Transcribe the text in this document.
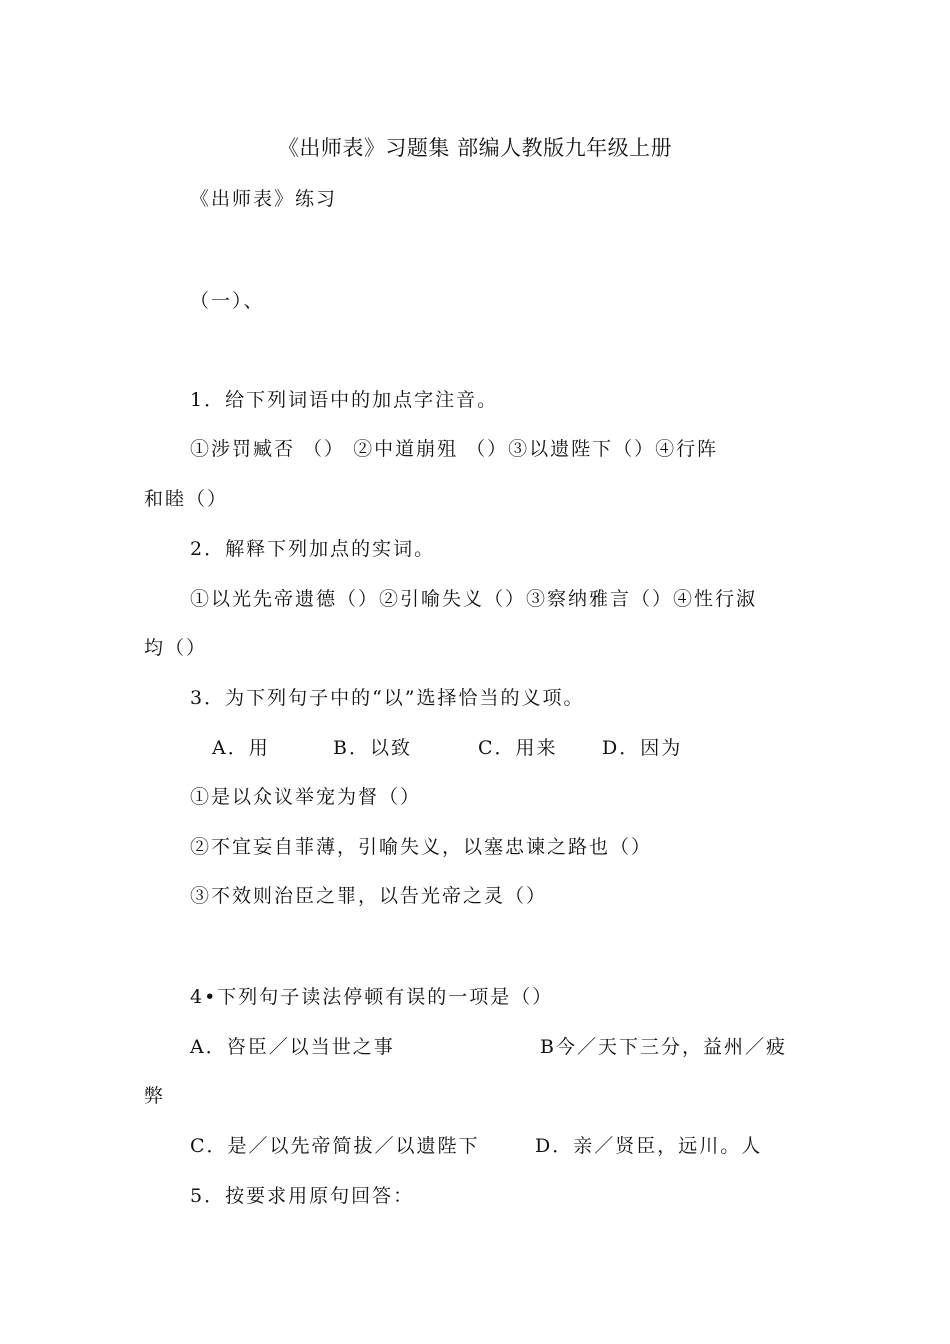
《出师表》习题集 部编人教版九年级上册
《出师表》练习
（一）、
1．给下列词语中的加点字注音。
①涉罚臧否 （） ②中道崩殂 （）③以遗陛下（）④行阵
和睦（）
2．解释下列加点的实词。
①以光先帝遗德（）②引喻失义（）③察纳雅言（）④性行淑
均（）
3．为下列句子中的“以”选择恰当的义项。
A．用	B．以致	C．用来 D．因为
①是以众议举宠为督（）
②不宜妄自菲薄，引喻失义，以塞忠谏之路也（）
③不效则治臣之罪，以告光帝之灵（）
4•下列句子读法停顿有误的一项是（）
A．咨臣／以当世之事	B今／天下三分，益州／疲
弊
C．是／以先帝简拔／以遗陛下	D．亲／贤臣，远川。人
5．按要求用原句回答：
